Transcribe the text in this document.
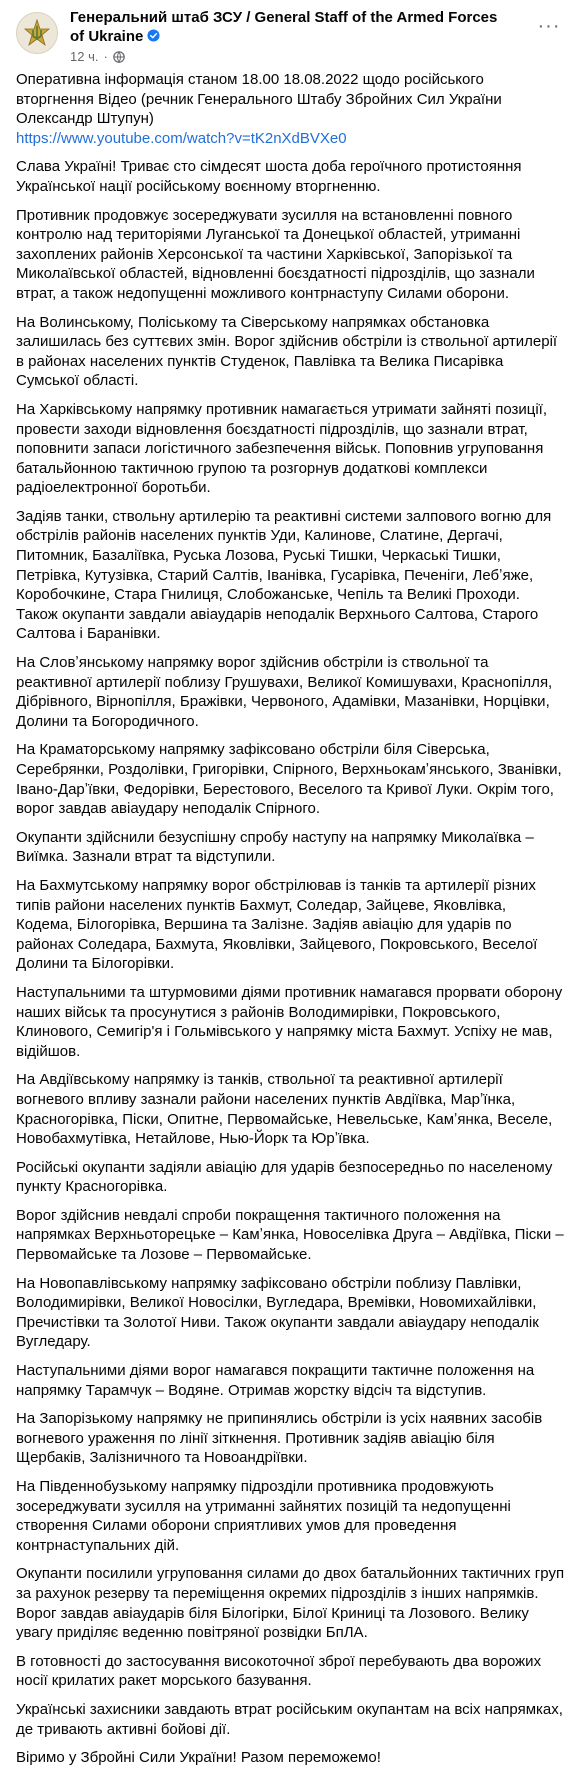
Генеральний штаб ЗСУ / General Staff of the Armed Forces of Ukraine
12 ч. ·
···
Оперативна інформація станом 18.00 18.08.2022 щодо російського вторгнення Відео (речник Генерального Штабу Збройних Сил України Олександр Штупун)
https://www.youtube.com/watch?v=tK2nXdBVXe0
Слава Україні! Триває сто сімдесят шоста доба героїчного протистояння Української нації російському воєнному вторгненню.
Противник продовжує зосереджувати зусилля на встановленні повного контролю над територіями Луганської та Донецької областей, утриманні захоплених районів Херсонської та частини Харківської, Запорізької та Миколаївської областей, відновленні боєздатності підрозділів, що зазнали втрат, а також недопущенні можливого контрнаступу Силами оборони.
На Волинському, Поліському та Сіверському напрямках обстановка залишилась без суттєвих змін. Ворог здійснив обстріли із ствольної артилерії в районах населених пунктів Студенок, Павлівка та Велика Писарівка Сумської області.
На Харківському напрямку противник намагається утримати зайняті позиції, провести заходи відновлення боєздатності підрозділів, що зазнали втрат, поповнити запаси логістичного забезпечення військ. Поповнив угруповання батальйонною тактичною групою та розгорнув додаткові комплекси радіоелектронної боротьби.
Задіяв танки, ствольну артилерію та реактивні системи залпового вогню для обстрілів районів населених пунктів Уди, Калинове, Слатине, Дергачі, Питомник, Базаліївка, Руська Лозова, Руські Тишки, Черкаські Тишки, Петрівка, Кутузівка, Старий Салтів, Іванівка, Гусарівка, Печеніги, Лебʼяже, Коробочкине, Стара Гнилиця, Слобожанське, Чепіль та Великі Проходи. Також окупанти завдали авіаударів неподалік Верхнього Салтова, Старого Салтова і Баранівки.
На Словʼянському напрямку ворог здійснив обстріли із ствольної та реактивної артилерії поблизу Грушувахи, Великої Комишувахи, Краснопілля, Дібрівного, Вірнопілля, Бражівки, Червоного, Адамівки, Мазанівки, Норцівки, Долини та Богородичного.
На Краматорському напрямку зафіксовано обстріли біля Сіверська, Серебрянки, Роздолівки, Григорівки, Спірного, Верхньокамʼянського, Званівки, Івано-Дарʼївки, Федорівки, Берестового, Веселого та Кривої Луки. Окрім того, ворог завдав авіаудару неподалік Спірного.
Окупанти здійснили безуспішну спробу наступу на напрямку Миколаївка – Виїмка. Зазнали втрат та відступили.
На Бахмутському напрямку ворог обстрілював із танків та артилерії різних типів райони населених пунктів Бахмут, Соледар, Зайцеве, Яковлівка, Кодема, Білогорівка, Вершина та Залізне. Задіяв авіацію для ударів по районах Соледара, Бахмута, Яковлівки, Зайцевого, Покровського, Веселої Долини та Білогорівки.
Наступальними та штурмовими діями противник намагався прорвати оборону наших військ та просунутися з районів Володимирівки, Покровського, Клинового, Семигір'я і Гольмівського у напрямку міста Бахмут. Успіху не мав, відійшов.
На Авдіївському напрямку із танків, ствольної та реактивної артилерії вогневого впливу зазнали райони населених пунктів Авдіївка, Марʼїнка, Красногорівка, Піски, Опитне, Первомайське, Невельське, Камʼянка, Веселе, Новобахмутівка, Нетайлове, Нью-Йорк та Юрʼївка.
Російські окупанти задіяли авіацію для ударів безпосередньо по населеному пункту Красногорівка.
Ворог здійснив невдалі спроби покращення тактичного положення на напрямках Верхньоторецьке – Камʼянка, Новоселівка Друга – Авдіївка, Піски – Первомайське та Лозове – Первомайське.
На Новопавлівському напрямку зафіксовано обстріли поблизу Павлівки, Володимирівки, Великої Новосілки, Вугледара, Времівки, Новомихайлівки, Пречистівки та Золотої Ниви. Також окупанти завдали авіаудару неподалік Вугледару.
Наступальними діями ворог намагався покращити тактичне положення на напрямку Тарамчук – Водяне. Отримав жорстку відсіч та відступив.
На Запорізькому напрямку не припинялись обстріли із усіх наявних засобів вогневого ураження по лінії зіткнення. Противник задіяв авіацію біля Щербаків, Залізничного та Новоандріївки.
На Південнобузькому напрямку підрозділи противника продовжують зосереджувати зусилля на утриманні зайнятих позицій та недопущенні створення Силами оборони сприятливих умов для проведення контрнаступальних дій.
Окупанти посилили угруповання силами до двох батальйонних тактичних груп за рахунок резерву та переміщення окремих підрозділів з інших напрямків. Ворог завдав авіаударів біля Білогірки, Білої Криниці та Лозового. Велику увагу приділяє веденню повітряної розвідки БпЛА.
В готовності до застосування високоточної зброї перебувають два ворожих носії крилатих ракет морського базування.
Українські захисники завдають втрат російським окупантам на всіх напрямках, де тривають активні бойові дії.
Віримо у Збройні Сили України! Разом переможемо!
